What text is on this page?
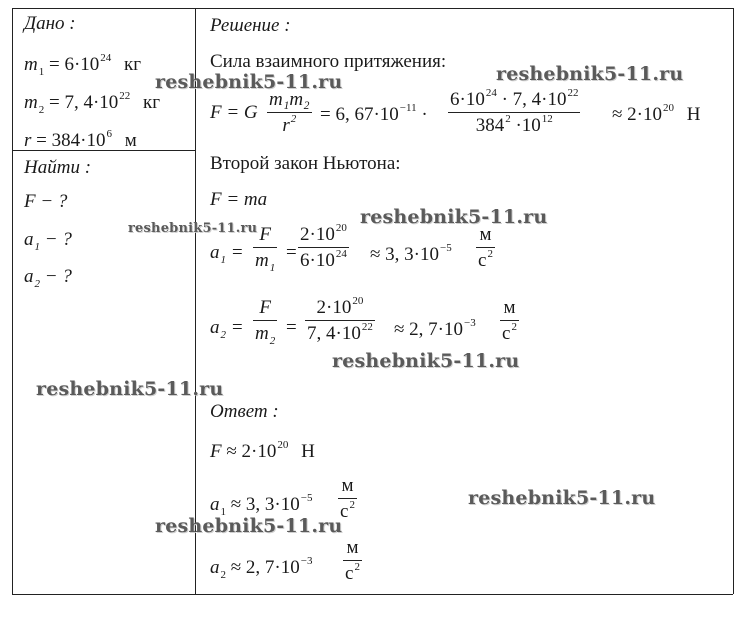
Дано :
$m_1 = 6\cdot 10^{24}$ кг
$m_2 = 7$, $4\cdot 10^{22}$ кг
$r = 384\cdot 10^6$ м
Найти :
F − ?
$a_1$ − ?
$a_2$ − ?
Решение :
Сила взаимного притяжения:
F = G $\frac{\text{m₁m₂}}{r^2} = 6$, $67\cdot 10^{-11} \cdot \frac{6\cdot 10^{24} \cdot 7, 4\cdot 10^{22}}{384^2 \cdot 10^{12}} \approx 2\cdot 10^{20}$ Н
Второй закон Ньютона:
F = ma
$a_1 = \frac{F}{m_1} = \frac{2\cdot 10^{20}}{6\cdot 10^{24}} \approx 3$, $3\cdot 10^{-5}$
м
$с^2$
$a_2 = \frac{F}{m_2} = \frac{2\cdot 10^{20}}{7, 4\cdot 10^{22}} \approx 2$, $7\cdot 10^{-3}$
м
$с^2$
Ответ :
$F \approx 2\cdot 10^{20}$ Н
$a_1 \approx 3$, $3\cdot 10^{-5}$
м
$с^2$
$a_2 \approx 2$, $7\cdot 10^{-3}$
м
$с^2$
reshebnik5-11.ru	reshebnik5-11.ru
reshebnik5-11.ru
reshebnik5-11.ru
reshebnik5-11.ru
reshebnik5-11.ru
reshebnik5-11.ru
reshebnik5-11.ru
